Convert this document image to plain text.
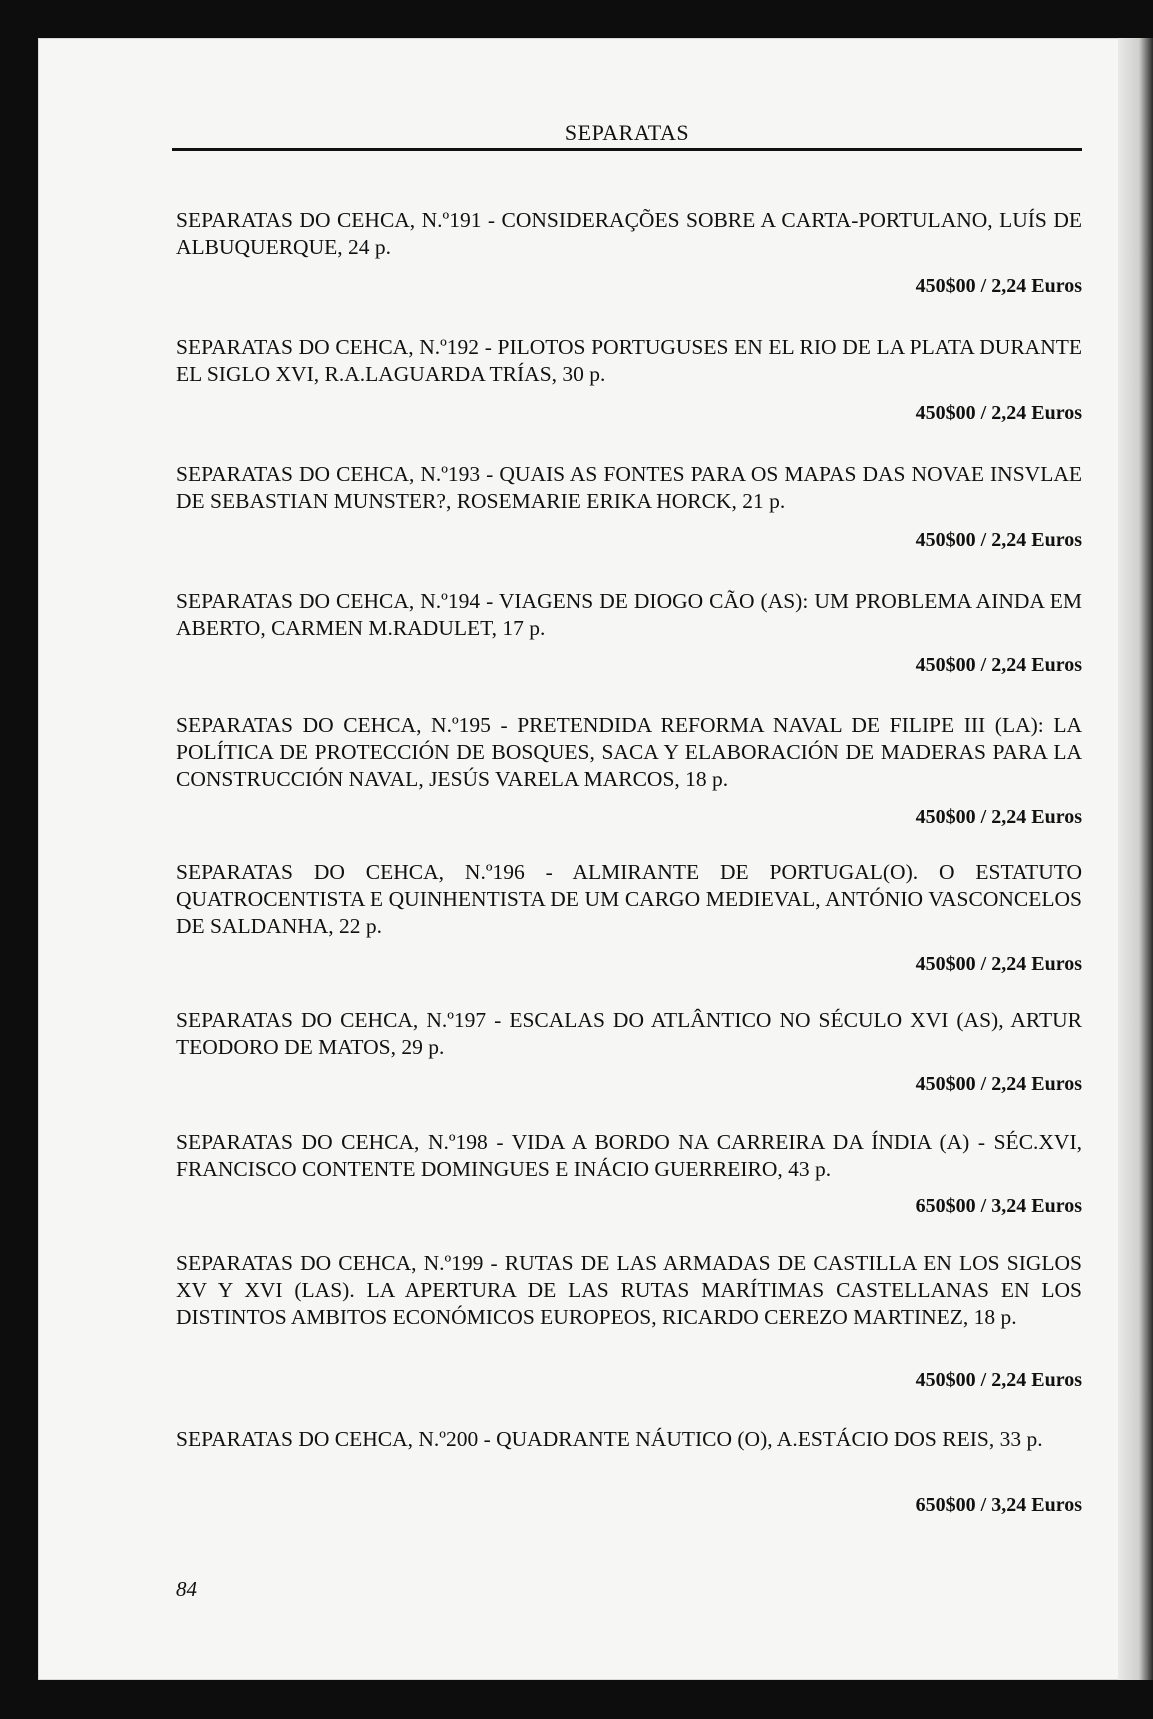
SEPARATAS
SEPARATAS DO CEHCA, N.º191 - CONSIDERAÇÕES SOBRE A CARTA-PORTULANO, LUÍS DE ALBUQUERQUE, 24 p.
450$00 / 2,24 Euros
SEPARATAS DO CEHCA, N.º192 - PILOTOS PORTUGUSES EN EL RIO DE LA PLATA DURANTE EL SIGLO XVI, R.A.LAGUARDA TRÍAS, 30 p.
450$00 / 2,24 Euros
SEPARATAS DO CEHCA, N.º193 - QUAIS AS FONTES PARA OS MAPAS DAS NOVAE INSVLAE DE SEBASTIAN MUNSTER?, ROSEMARIE ERIKA HORCK, 21 p.
450$00 / 2,24 Euros
SEPARATAS DO CEHCA, N.º194 - VIAGENS DE DIOGO CÃO (AS): UM PROBLEMA AINDA EM ABERTO, CARMEN M.RADULET, 17 p.
450$00 / 2,24 Euros
SEPARATAS DO CEHCA, N.º195 - PRETENDIDA REFORMA NAVAL DE FILIPE III (LA): LA POLÍTICA DE PROTECCIÓN DE BOSQUES, SACA Y ELABORACIÓN DE MADERAS PARA LA CONSTRUCCIÓN NAVAL, JESÚS VARELA MARCOS, 18 p.
450$00 / 2,24 Euros
SEPARATAS DO CEHCA, N.º196 - ALMIRANTE DE PORTUGAL(O). O ESTATUTO QUATROCENTISTA E QUINHENTISTA DE UM CARGO MEDIEVAL, ANTÓNIO VASCONCELOS DE SALDANHA, 22 p.
450$00 / 2,24 Euros
SEPARATAS DO CEHCA, N.º197 - ESCALAS DO ATLÂNTICO NO SÉCULO XVI (AS), ARTUR TEODORO DE MATOS, 29 p.
450$00 / 2,24 Euros
SEPARATAS DO CEHCA, N.º198 - VIDA A BORDO NA CARREIRA DA ÍNDIA (A) - SÉC.XVI, FRANCISCO CONTENTE DOMINGUES E INÁCIO GUERREIRO, 43 p.
650$00 / 3,24 Euros
SEPARATAS DO CEHCA, N.º199 - RUTAS DE LAS ARMADAS DE CASTILLA EN LOS SIGLOS XV Y XVI (LAS). LA APERTURA DE LAS RUTAS MARÍTIMAS CASTELLANAS EN LOS DISTINTOS AMBITOS ECONÓMICOS EUROPEOS, RICARDO CEREZO MARTINEZ, 18 p.
450$00 / 2,24 Euros
SEPARATAS DO CEHCA, N.º200 - QUADRANTE NÁUTICO (O), A.ESTÁCIO DOS REIS, 33 p.
650$00 / 3,24 Euros
84
